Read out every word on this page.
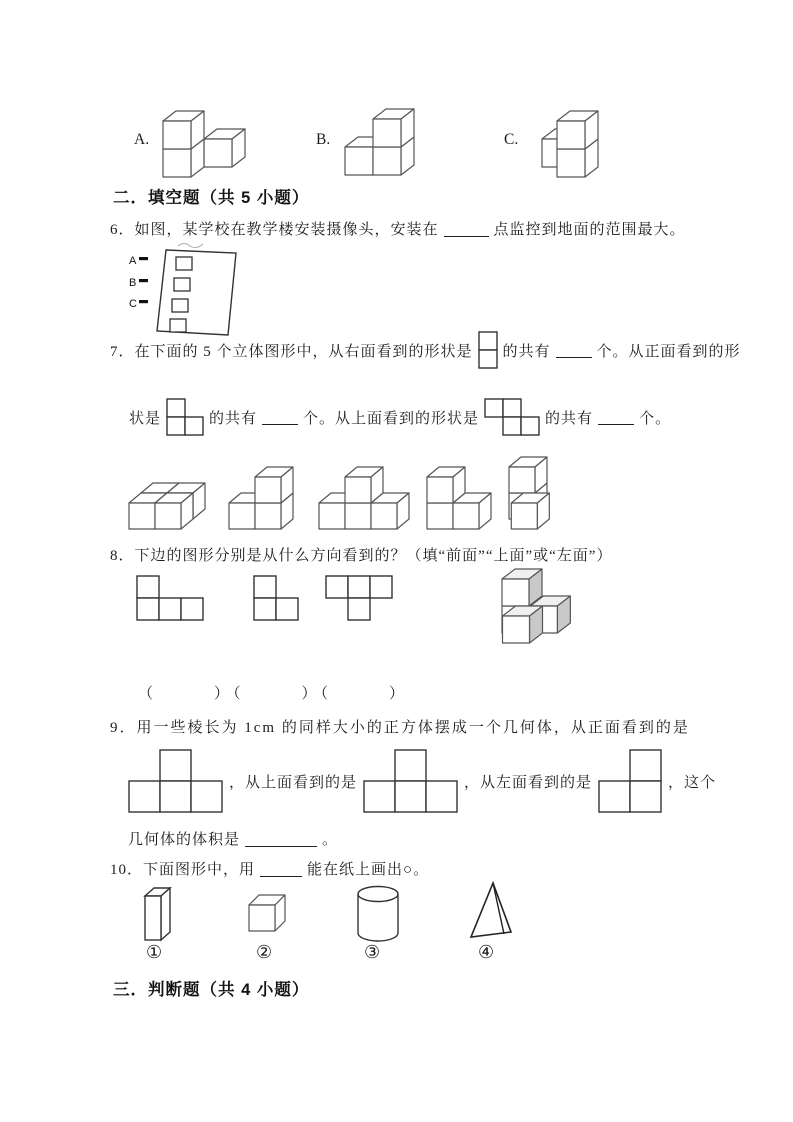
A.	B.	C.
二．填空题（共 5 小题）
6．如图，某学校在教学楼安装摄像头，安装在	点监控到地面的范围最大。
A
B
C
7．在下面的 5 个立体图形中，从右面看到的形状是 的共有	个。从正面看到的形
状是	的共有	个。从上面看到的形状是	的共有	个。
8．下边的图形分别是从什么方向看到的？（填“前面”“上面”或“左面”）
（　　　）（　　　）（　　　）
9．用一些棱长为 1cm 的同样大小的正方体摆成一个几何体，从正面看到的是
，从上面看到的是	，从左面看到的是	，这个
几何体的体积是	。
10．下面图形中，用	能在纸上画出○。
①	②	③	④
三．判断题（共 4 小题）
